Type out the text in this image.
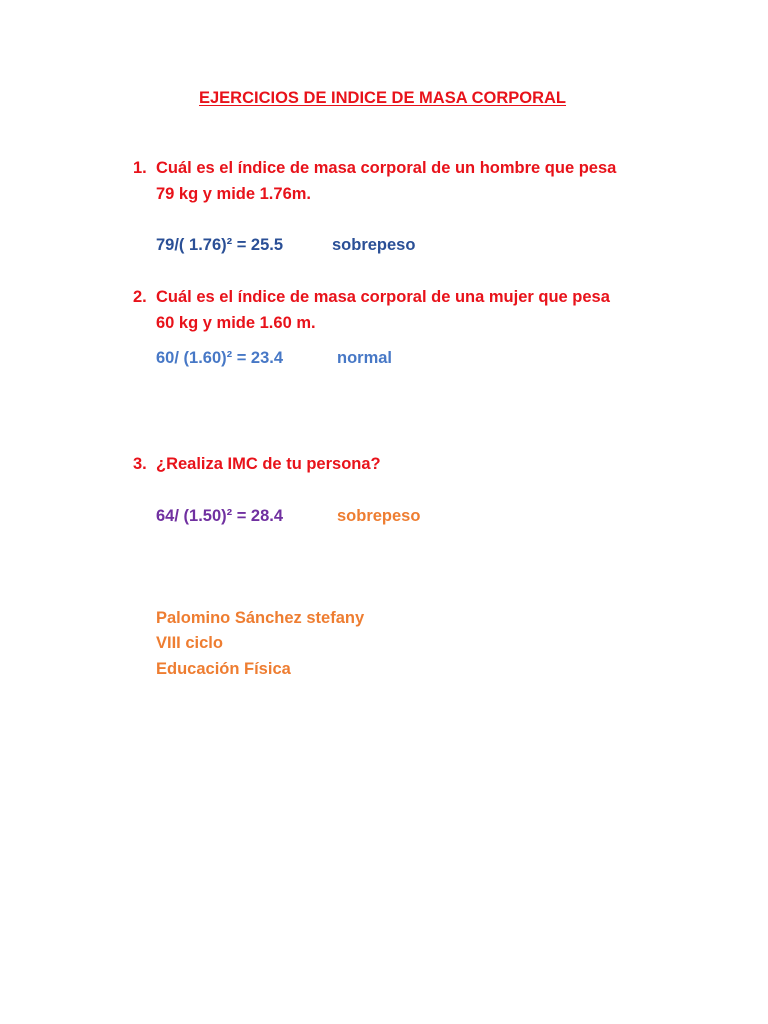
EJERCICIOS DE INDICE DE MASA CORPORAL
1. Cuál es el índice de masa corporal de un hombre que pesa
79 kg y mide 1.76m.
79/( 1.76)² = 25.5	sobrepeso
2. Cuál es el índice de masa corporal de una mujer que pesa
60 kg y mide 1.60 m.
60/ (1.60)² = 23.4	normal
3. ¿Realiza IMC de tu persona?
64/ (1.50)² = 28.4	sobrepeso
Palomino Sánchez stefany
VIII ciclo
Educación Física
